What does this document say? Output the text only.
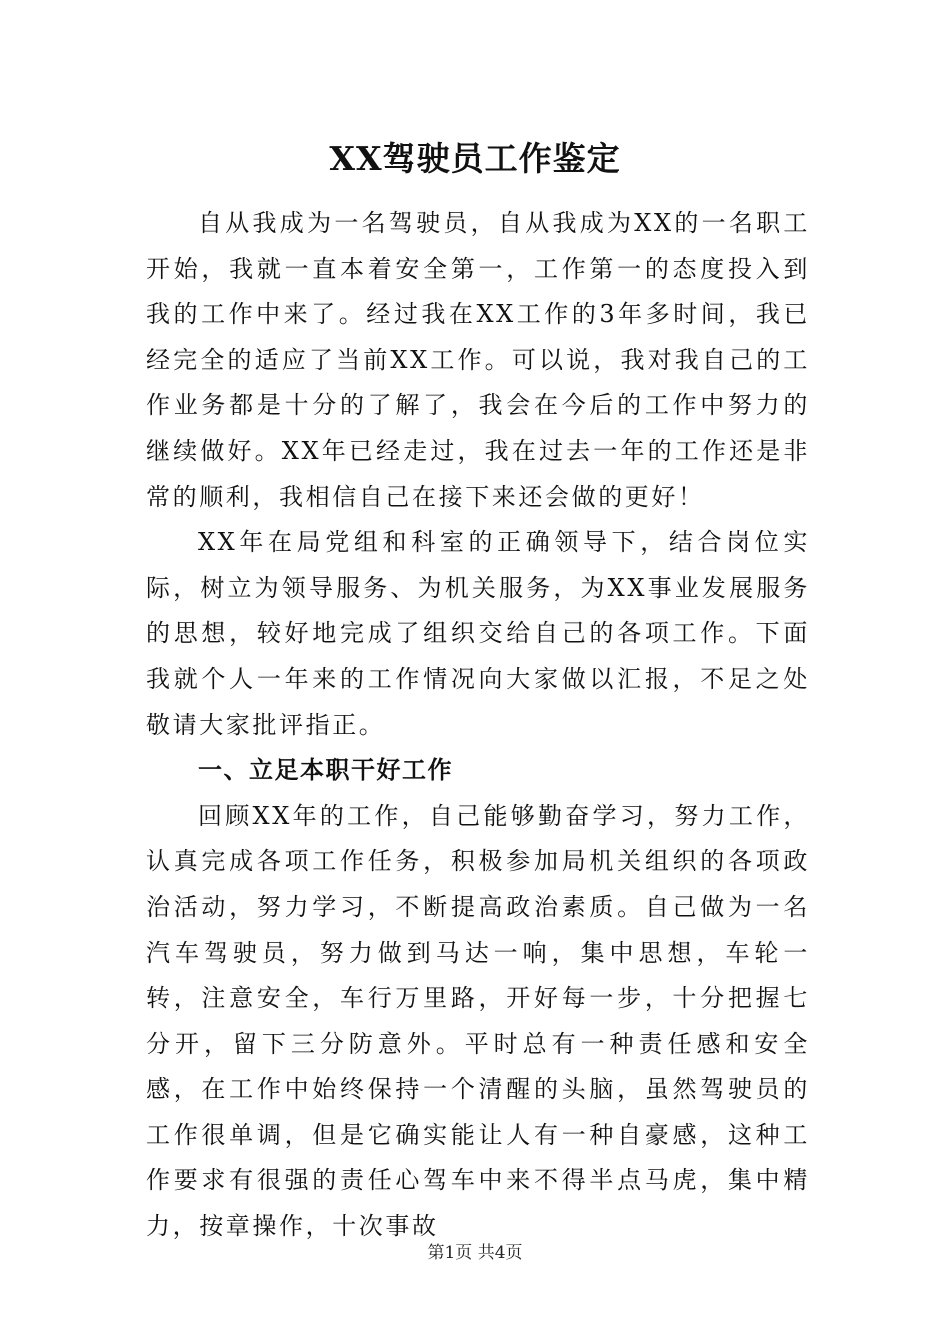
XX驾驶员工作鉴定

自从我成为一名驾驶员，自从我成为XX的一名职工开始，我就一直本着安全第一，工作第一的态度投入到我的工作中来了。经过我在XX工作的3年多时间，我已经完全的适应了当前XX工作。可以说，我对我自己的工作业务都是十分的了解了，我会在今后的工作中努力的继续做好。XX年已经走过，我在过去一年的工作还是非常的顺利，我相信自己在接下来还会做的更好！

XX年在局党组和科室的正确领导下，结合岗位实际，树立为领导服务、为机关服务，为XX事业发展服务的思想，较好地完成了组织交给自己的各项工作。下面我就个人一年来的工作情况向大家做以汇报，不足之处敬请大家批评指正。

一、立足本职干好工作

回顾XX年的工作，自己能够勤奋学习，努力工作，认真完成各项工作任务，积极参加局机关组织的各项政治活动，努力学习，不断提高政治素质。自己做为一名汽车驾驶员，努力做到马达一响，集中思想，车轮一转，注意安全，车行万里路，开好每一步，十分把握七分开，留下三分防意外。平时总有一种责任感和安全感，在工作中始终保持一个清醒的头脑，虽然驾驶员的工作很单调，但是它确实能让人有一种自豪感，这种工作要求有很强的责任心驾车中来不得半点马虎，集中精力，按章操作，十次事故

第1页 共4页
